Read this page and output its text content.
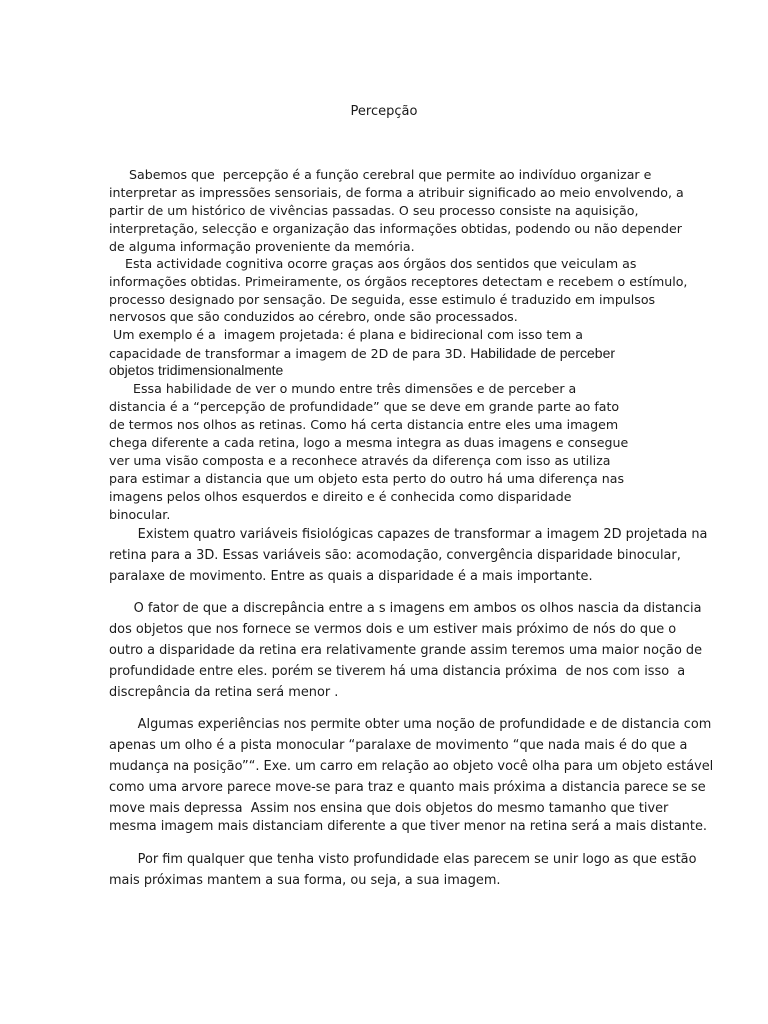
Percepção
Sabemos que  percepção é a função cerebral que permite ao indivíduo organizar e
interpretar as impressões sensoriais, de forma a atribuir significado ao meio envolvendo, a
partir de um histórico de vivências passadas. O seu processo consiste na aquisição,
interpretação, selecção e organização das informações obtidas, podendo ou não depender
de alguma informação proveniente da memória.
Esta actividade cognitiva ocorre graças aos órgãos dos sentidos que veiculam as
informações obtidas. Primeiramente, os órgãos receptores detectam e recebem o estímulo,
processo designado por sensação. De seguida, esse estimulo é traduzido em impulsos
nervosos que são conduzidos ao cérebro, onde são processados.
Um exemplo é a  imagem projetada: é plana e bidirecional com isso tem a
capacidade de transformar a imagem de 2D de para 3D. Habilidade de perceber
objetos tridimensionalmente
Essa habilidade de ver o mundo entre três dimensões e de perceber a
distancia é a “percepção de profundidade” que se deve em grande parte ao fato
de termos nos olhos as retinas. Como há certa distancia entre eles uma imagem
chega diferente a cada retina, logo a mesma integra as duas imagens e consegue
ver uma visão composta e a reconhece através da diferença com isso as utiliza
para estimar a distancia que um objeto esta perto do outro há uma diferença nas
imagens pelos olhos esquerdos e direito e é conhecida como disparidade
binocular.
Existem quatro variáveis fisiológicas capazes de transformar a imagem 2D projetada na
retina para a 3D. Essas variáveis são: acomodação, convergência disparidade binocular,
paralaxe de movimento. Entre as quais a disparidade é a mais importante.
O fator de que a discrepância entre a s imagens em ambos os olhos nascia da distancia
dos objetos que nos fornece se vermos dois e um estiver mais próximo de nós do que o
outro a disparidade da retina era relativamente grande assim teremos uma maior noção de
profundidade entre eles. porém se tiverem há uma distancia próxima  de nos com isso  a
discrepância da retina será menor .
Algumas experiências nos permite obter uma noção de profundidade e de distancia com
apenas um olho é a pista monocular “paralaxe de movimento “que nada mais é do que a
mudança na posição”“. Exe. um carro em relação ao objeto você olha para um objeto estável
como uma arvore parece move-se para traz e quanto mais próxima a distancia parece se se
move mais depressa  Assim nos ensina que dois objetos do mesmo tamanho que tiver
mesma imagem mais distanciam diferente a que tiver menor na retina será a mais distante.
Por fim qualquer que tenha visto profundidade elas parecem se unir logo as que estão
mais próximas mantem a sua forma, ou seja, a sua imagem.
